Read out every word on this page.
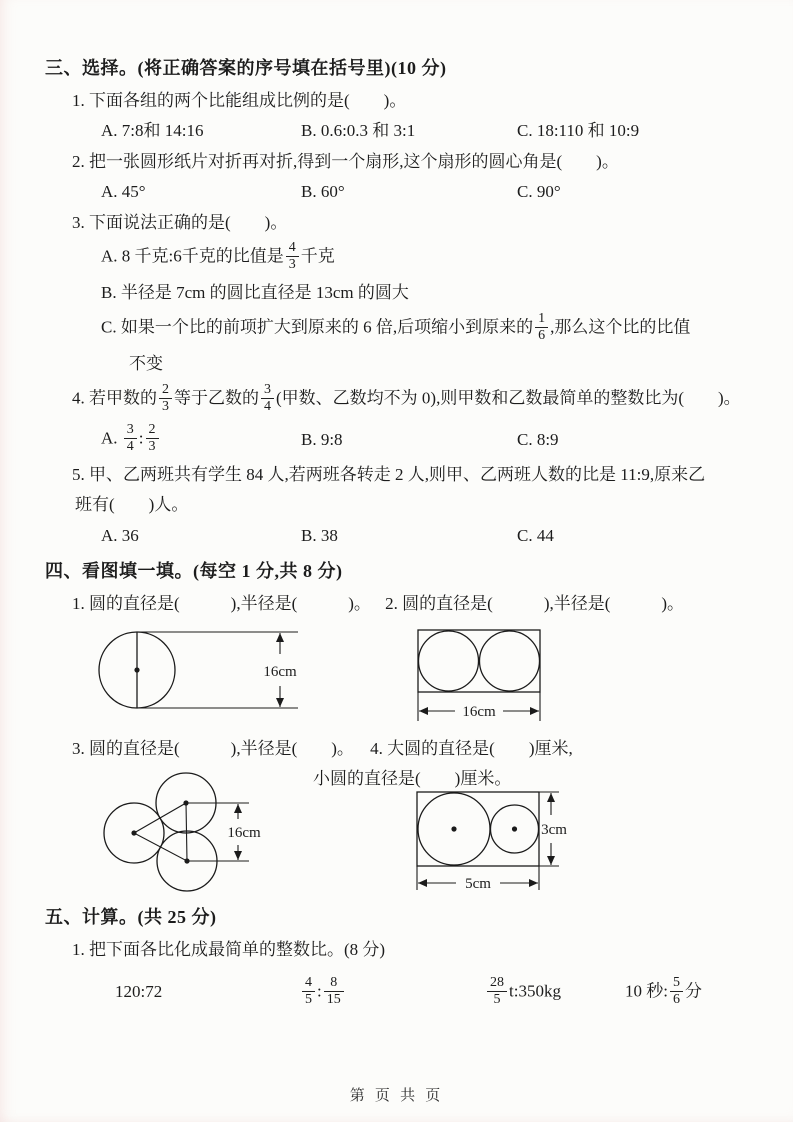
三、选择。(将正确答案的序号填在括号里)(10 分)
1. 下面各组的两个比能组成比例的是(　　)。
A. 7:8和 14:16	B. 0.6:0.3 和 3:1	C. 18:110 和 10:9
2. 把一张圆形纸片对折再对折,得到一个扇形,这个扇形的圆心角是(　　)。
A. 45°	B. 60°	C. 90°
3. 下面说法正确的是(　　)。
A. 8 千克:6千克的比值是 $\frac{4}{3}$ 千克
B. 半径是 7cm 的圆比直径是 13cm 的圆大
C. 如果一个比的前项扩大到原来的 6 倍,后项缩小到原来的 $\frac{1}{6}$ ,那么这个比的比值
不变
4. 若甲数的 $\frac{2}{3}$ 等于乙数的 $\frac{3}{4}$ (甲数、乙数均不为 0),则甲数和乙数最简单的整数比为(　　)。
A. $\frac{3}{4}$ : $\frac{2}{3}$	B. 9:8	C. 8:9
5. 甲、乙两班共有学生 84 人,若两班各转走 2 人,则甲、乙两班人数的比是 11:9,原来乙
班有(　　)人。
A. 36	B. 38	C. 44
四、看图填一填。(每空 1 分,共 8 分)
1. 圆的直径是(　　　),半径是(　　　)。 2. 圆的直径是(　　　),半径是(　　　)。
16cm
16cm
3. 圆的直径是(　　　),半径是(　　)。 4. 大圆的直径是(　　)厘米,
小圆的直径是(　　)厘米。
16cm	3cm
5cm
五、计算。(共 25 分)
1. 把下面各比化成最简单的整数比。(8 分)
120:72	$\frac{4}{5}$ : $\frac{8}{15}$	$\frac{28}{5}$ t:350kg	10 秒: $\frac{5}{6}$ 分
第 页 共 页
